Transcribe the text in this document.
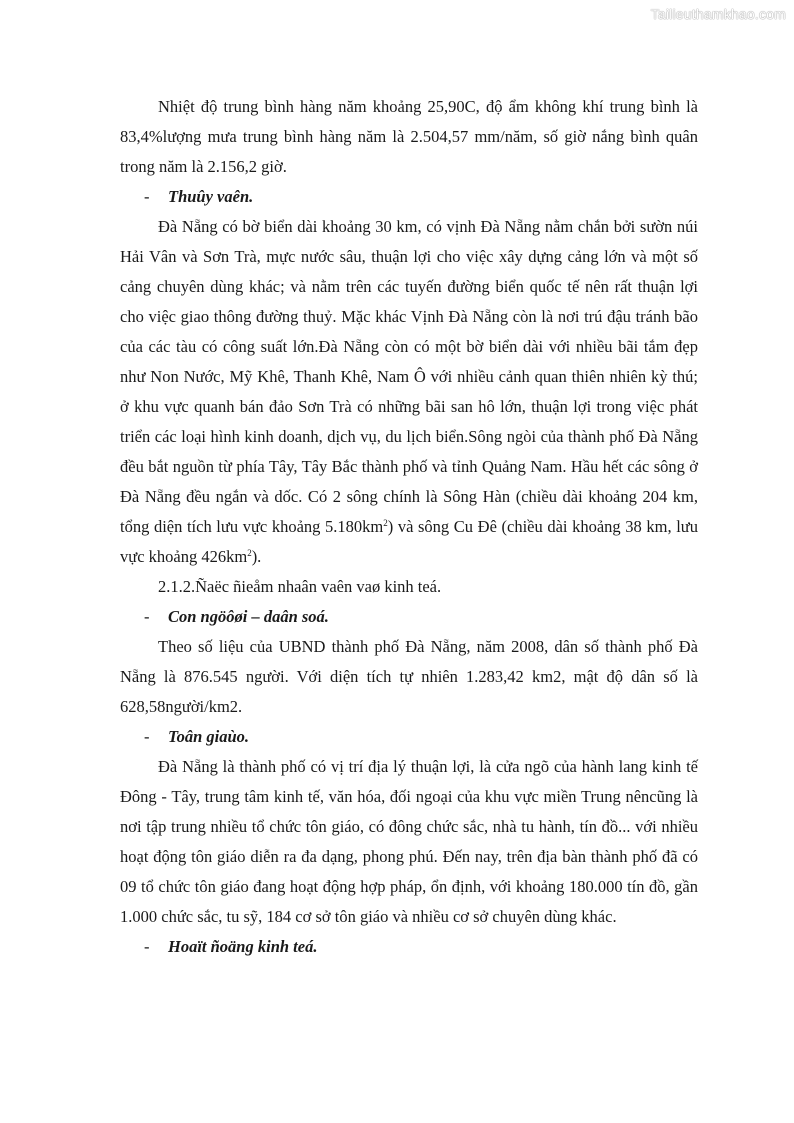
Tailieuthamkhao.com

Nhiệt độ trung bình hàng năm khoảng 25,90C, độ ẩm không khí trung bình là 83,4%lượng mưa trung bình hàng năm là 2.504,57 mm/năm, số giờ nắng bình quân trong năm là 2.156,2 giờ.

- Thuûy vaên.

Đà Nẵng có bờ biển dài khoảng 30 km, có vịnh Đà Nẵng nằm chắn bởi sườn núi Hải Vân và Sơn Trà, mực nước sâu, thuận lợi cho việc xây dựng cảng lớn và một số cảng chuyên dùng khác; và nằm trên các tuyến đường biển quốc tế nên rất thuận lợi cho việc giao thông đường thuỷ. Mặc khác Vịnh Đà Nẵng còn là nơi trú đậu tránh bão của các tàu có công suất lớn.Đà Nẵng còn có một bờ biển dài với nhiều bãi tắm đẹp như Non Nước, Mỹ Khê, Thanh Khê, Nam Ô với nhiều cảnh quan thiên nhiên kỳ thú; ở khu vực quanh bán đảo Sơn Trà có những bãi san hô lớn, thuận lợi trong việc phát triển các loại hình kinh doanh, dịch vụ, du lịch biển.Sông ngòi của thành phố Đà Nẵng đều bắt nguồn từ phía Tây, Tây Bắc thành phố và tỉnh Quảng Nam. Hầu hết các sông ở Đà Nẵng đều ngắn và dốc. Có 2 sông chính là Sông Hàn (chiều dài khoảng 204 km, tổng diện tích lưu vực khoảng $5.180km^2$) và sông Cu Đê (chiều dài khoảng 38 km, lưu vực khoảng $426km^2$).

2.1.2.Ñaëc ñieåm nhaân vaên vaø kinh teá.

- Con ngöôøi – daân soá.

Theo số liệu của UBND thành phố Đà Nẵng, năm 2008, dân số thành phố Đà Nẵng là 876.545 người. Với diện tích tự nhiên 1.283,42 km2, mật độ dân số là 628,58người/km2.

- Toân giaùo.

Đà Nẵng là thành phố có vị trí địa lý thuận lợi, là cửa ngõ của hành lang kinh tế Đông - Tây, trung tâm kinh tế, văn hóa, đối ngoại của khu vực miền Trung nêncũng là nơi tập trung nhiều tổ chức tôn giáo, có đông chức sắc, nhà tu hành, tín đồ... với nhiều hoạt động tôn giáo diễn ra đa dạng, phong phú. Đến nay, trên địa bàn thành phố đã có 09 tổ chức tôn giáo đang hoạt động hợp pháp, ổn định, với khoảng 180.000 tín đồ, gần 1.000 chức sắc, tu sỹ, 184 cơ sở tôn giáo và nhiều cơ sở chuyên dùng khác.

- Hoaït ñoäng kinh teá.
